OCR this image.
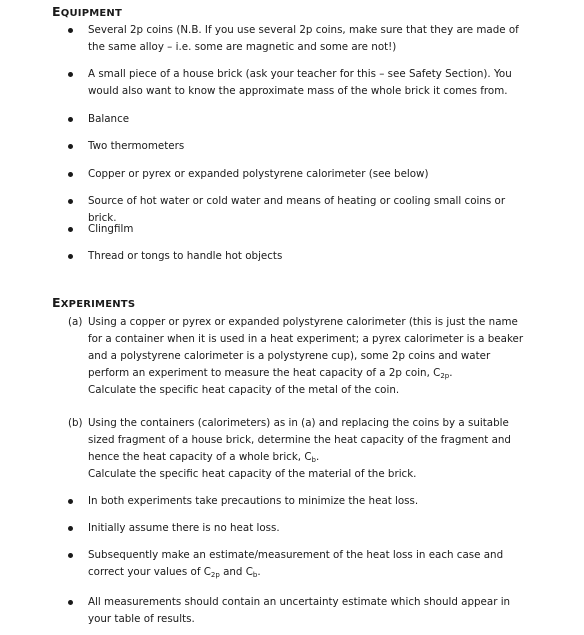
EQUIPMENT
Several 2p coins (N.B. If you use several 2p coins, make sure that they are made of the same alloy – i.e. some are magnetic and some are not!)
A small piece of a house brick (ask your teacher for this – see Safety Section). You would also want to know the approximate mass of the whole brick it comes from.
Balance
Two thermometers
Copper or pyrex or expanded polystyrene calorimeter (see below)
Source of hot water or cold water and means of heating or cooling small coins or brick.
Clingfilm
Thread or tongs to handle hot objects
EXPERIMENTS
(a) Using a copper or pyrex or expanded polystyrene calorimeter (this is just the name for a container when it is used in a heat experiment; a pyrex calorimeter is a beaker and a polystyrene calorimeter is a polystyrene cup), some 2p coins and water perform an experiment to measure the heat capacity of a 2p coin, $C_{2p}$.
Calculate the specific heat capacity of the metal of the coin.
(b) Using the containers (calorimeters) as in (a) and replacing the coins by a suitable sized fragment of a house brick, determine the heat capacity of the fragment and hence the heat capacity of a whole brick, $C_b$.
Calculate the specific heat capacity of the material of the brick.
In both experiments take precautions to minimize the heat loss.
Initially assume there is no heat loss.
Subsequently make an estimate/measurement of the heat loss in each case and correct your values of $C_{2p}$ and $C_b$.
All measurements should contain an uncertainty estimate which should appear in your table of results.
